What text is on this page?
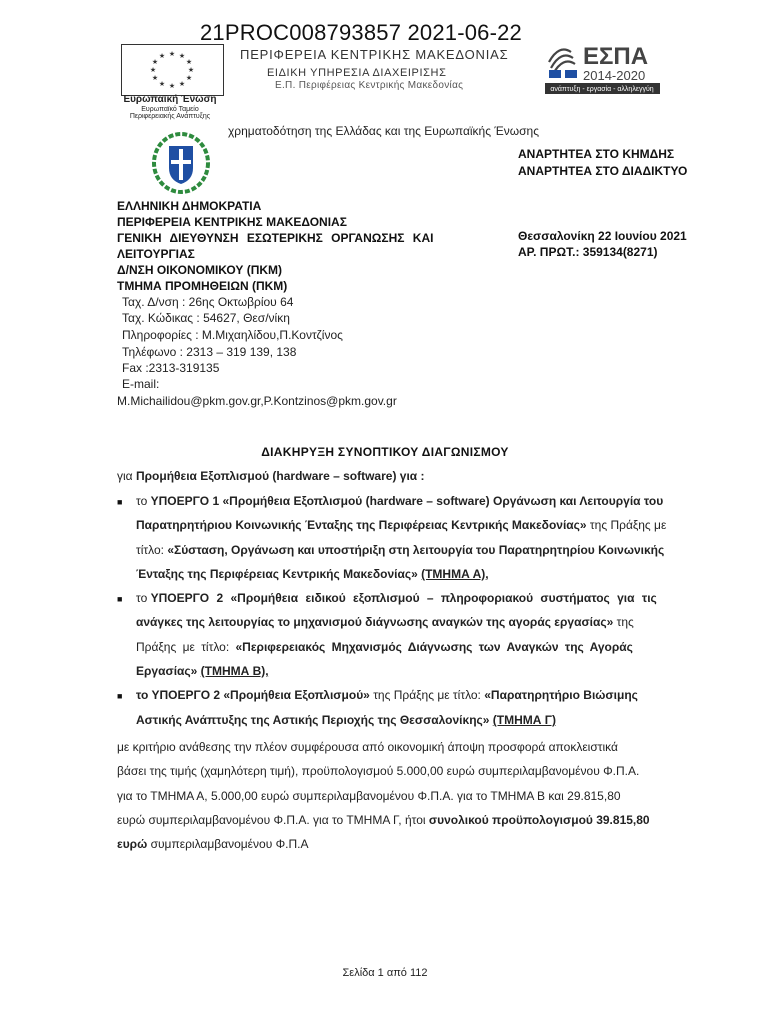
21PROC008793857 2021-06-22
★ ★
★
★
★
★
★
★
★
★
★
★
Ευρωπαϊκή Ένωση
Ευρωπαϊκό Ταμείο
Περιφερειακής Ανάπτυξης
ΠΕΡΙΦΕΡΕΙΑ ΚΕΝΤΡΙΚΗΣ ΜΑΚΕΔΟΝΙΑΣ
ΕΙΔΙΚΗ ΥΠΗΡΕΣΙΑ ΔΙΑΧΕΙΡΙΣΗΣ
Ε.Π. Περιφέρειας Κεντρικής Μακεδονίας
ΕΣΠΑ
2014-2020
ανάπτυξη - εργασία - αλληλεγγύη
χρηματοδότηση της Ελλάδας και της Ευρωπαϊκής Ένωσης
ΑΝΑΡΤΗΤΕΑ ΣΤΟ ΚΗΜΔΗΣ
ΑΝΑΡΤΗΤΕΑ ΣΤΟ ΔΙΑΔΙΚΤΥΟ
ΕΛΛΗΝΙΚΗ ΔΗΜΟΚΡΑΤΙΑ
ΠΕΡΙΦΕΡΕΙΑ ΚΕΝΤΡΙΚΗΣ ΜΑΚΕΔΟΝΙΑΣ
ΓΕΝΙΚΗ ΔΙΕΥΘΥΝΣΗ ΕΣΩΤΕΡΙΚΗΣ ΟΡΓΑΝΩΣΗΣ ΚΑΙ
ΛΕΙΤΟΥΡΓΙΑΣ
Δ/ΝΣΗ ΟΙΚΟΝΟΜΙΚΟΥ (ΠΚΜ)
ΤΜΗΜΑ ΠΡΟΜΗΘΕΙΩΝ (ΠΚΜ)
Θεσσαλονίκη 22 Ιουνίου 2021
ΑΡ. ΠΡΩΤ.: 359134(8271)
Ταχ. Δ/νση : 26ης Οκτωβρίου 64
Ταχ. Κώδικας : 54627, Θεσ/νίκη
Πληροφορίες : Μ.Μιχαηλίδου,Π.Κοντζίνος
Τηλέφωνο : 2313 – 319 139, 138
Fax :2313-319135
E-mail:
M.Michailidou@pkm.gov.gr,P.Kontzinos@pkm.gov.gr
ΔΙΑΚΗΡΥΞΗ ΣΥΝΟΠΤΙΚΟΥ ΔΙΑΓΩΝΙΣΜΟΥ
για Προμήθεια Εξοπλισμού (hardware – software) για :
■ το ΥΠΟΕΡΓΟ 1 «Προμήθεια Εξοπλισμού (hardware – software) Οργάνωση και Λειτουργία του
Παρατηρητήριου Κοινωνικής Ένταξης της Περιφέρειας Κεντρικής Μακεδονίας» της Πράξης με
τίτλο: «Σύσταση, Οργάνωση και υποστήριξη στη λειτουργία του Παρατηρητηρίου Κοινωνικής
Ένταξης της Περιφέρειας Κεντρικής Μακεδονίας» (ΤΜΗΜΑ Α),
■ το ΥΠΟΕΡΓΟ 2 «Προμήθεια ειδικού εξοπλισμού – πληροφοριακού συστήματος για τις
ανάγκες της λειτουργίας το μηχανισμού διάγνωσης αναγκών της αγοράς εργασίας» της
Πράξης με τίτλο: «Περιφερειακός Μηχανισμός Διάγνωσης των Αναγκών της Αγοράς
Εργασίας» (ΤΜΗΜΑ Β),
■ το ΥΠΟΕΡΓΟ 2 «Προμήθεια Εξοπλισμού» της Πράξης με τίτλο: «Παρατηρητήριο Βιώσιμης
Αστικής Ανάπτυξης της Αστικής Περιοχής της Θεσσαλονίκης» (ΤΜΗΜΑ Γ)
με κριτήριο ανάθεσης την πλέον συμφέρουσα από οικονομική άποψη προσφορά αποκλειστικά
βάσει της τιμής (χαμηλότερη τιμή), προϋπολογισμού 5.000,00 ευρώ συμπεριλαμβανομένου Φ.Π.Α.
για το ΤΜΗΜΑ Α, 5.000,00 ευρώ συμπεριλαμβανομένου Φ.Π.Α. για το ΤΜΗΜΑ Β και 29.815,80
ευρώ συμπεριλαμβανομένου Φ.Π.Α. για το ΤΜΗΜΑ Γ, ήτοι συνολικού προϋπολογισμού 39.815,80
ευρώ συμπεριλαμβανομένου Φ.Π.Α
Σελίδα 1 από 112
